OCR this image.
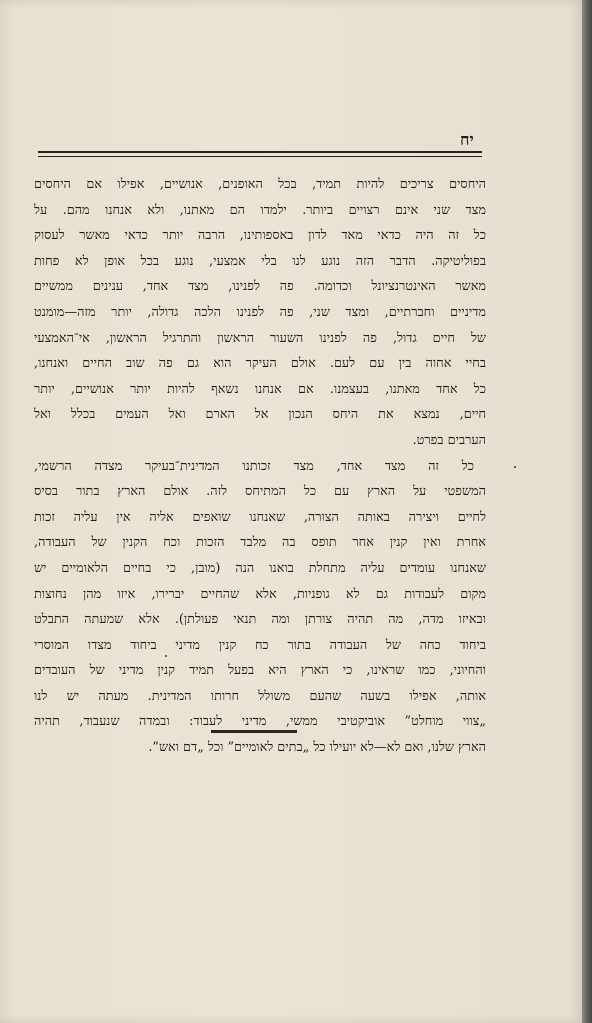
יח
היחסים צריכים להיות תמיד, בכל האופנים, אנושיים, אפילו אם היחסים
מצד שני אינם רצויים ביותר. ילמדו הם מאתנו, ולא אנחנו מהם. על
כל זה היה כדאי מאד לדון באספותינו, הרבה יותר כדאי מאשר לעסוק
בפוליטיקה. הדבר הזה נוגע לנו בלי אמצעי, נוגע בכל אופן לא פחות
מאשר האינטרנציונל וכדומה. פה לפנינו, מצד אחד, ענינים ממשיים
מדיניים וחברתיים, ומצד שני, פה לפנינו הלכה גדולה, יותר מזה—מומנט
של חיים גדול, פה לפנינו השעור הראשון והתרגיל הראשון, אי־האמצעי
בחיי אחוה בין עם לעם. אולם העיקר הוא גם פה שוב החיים ואנחנו,
כל אחד מאתנו, בעצמנו. אם אנחנו נשאף להיות יותר אנושיים, יותר
חיים, נמצא את היחס הנכון אל הארם ואל העמים בכלל ואל
הערבים בפרט.
כל זה מצד אחד, מצד זכותנו המדינית־בעיקר מצדה הרשמי,
המשפטי על הארץ עם כל המתיחס לזה. אולם הארץ בתור בסיס
לחיים ויצירה באותה הצורה, שאנחנו שואפים אליה אין עליה זכות
אחרת ואין קנין אחר תופס בה מלבד הזכות וכח הקנין של העבודה,
שאנחנו עומדים עליה מתחלת בואנו הנה (מובן, כי בחיים הלאומיים יש
מקום לעבודות גם לא גופניות, אלא שהחיים יברירו, איזו מהן נחוצות
ובאיזו מדה, מה תהיה צורתן ומה תנאי פעולתן). אלא שמעתה התבלט
ביחוד כחה של העבודה בתור כח קנין מדיני ביחוד מצדו המוסרי
והחיוני, כמו שראינו, כי הארץ היא בפעל תמיד קנין מדיני של העובדים
אותה, אפילו בשעה שהעם משולל חרותו המדינית. מעתה יש לנו
„צווי מוחלט” אוביקטיבי ממשי, מדיני לעבוד: ובמדה שנעבוד, תהיה
הארץ שלנו, ואם לא—לא יועילו כל „בתים לאומיים” וכל „דם ואש”.
